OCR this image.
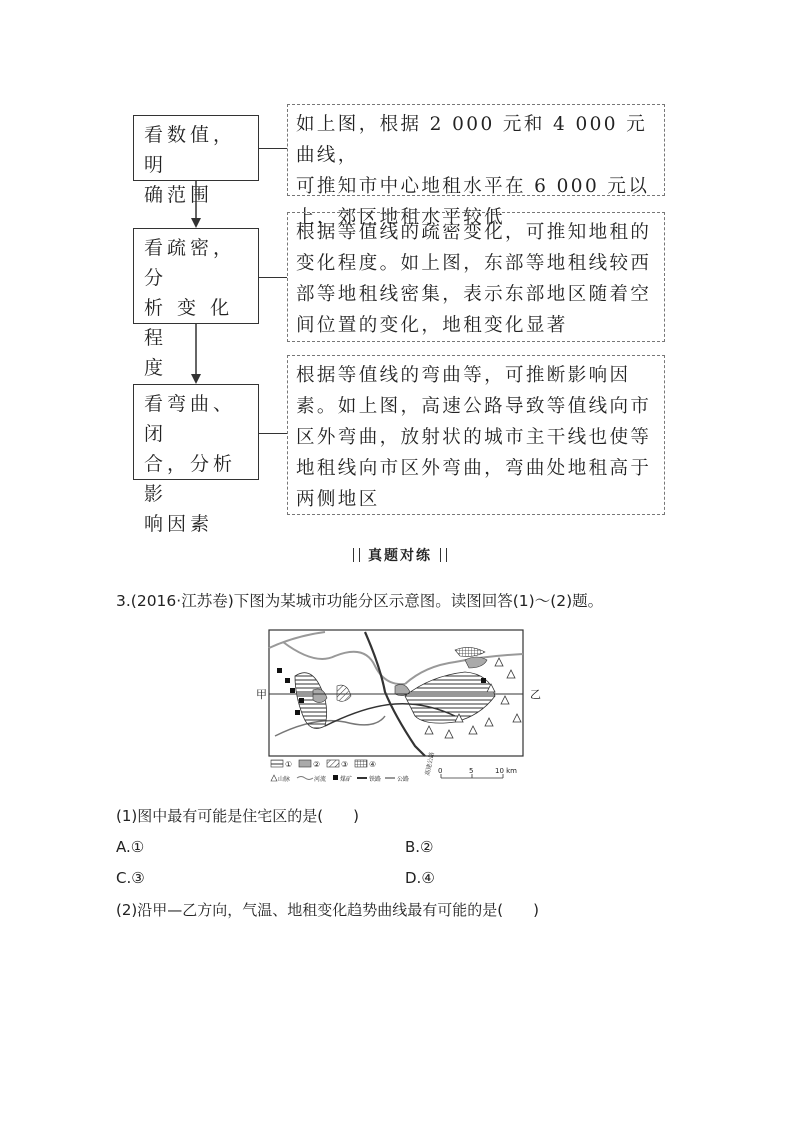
看数值，明
确范围
如上图，根据 2 000 元和 4 000 元曲线，
可推知市中心地租水平在 6 000 元以
上，郊区地租水平较低
看疏密，分
析 变 化 程
度
根据等值线的疏密变化，可推知地租的
变化程度。如上图，东部等地租线较西
部等地租线密集，表示东部地区随着空
间位置的变化，地租变化显著
看弯曲、闭
合，分析影
响因素
根据等值线的弯曲等，可推断影响因
素。如上图，高速公路导致等值线向市
区外弯曲，放射状的城市主干线也使等
地租线向市区外弯曲，弯曲处地租高于
两侧地区
真题对练
3.(2016·江苏卷)下图为某城市功能分区示意图。读图回答(1)～(2)题。
甲	乙
高速公路
①	②	③	④
山脉	河流 煤矿	铁路	公路
0	5	10 km
(1)图中最有可能是住宅区的是(　　)
A.①	B.②
C.③	D.④
(2)沿甲—乙方向，气温、地租变化趋势曲线最有可能的是(　　)
